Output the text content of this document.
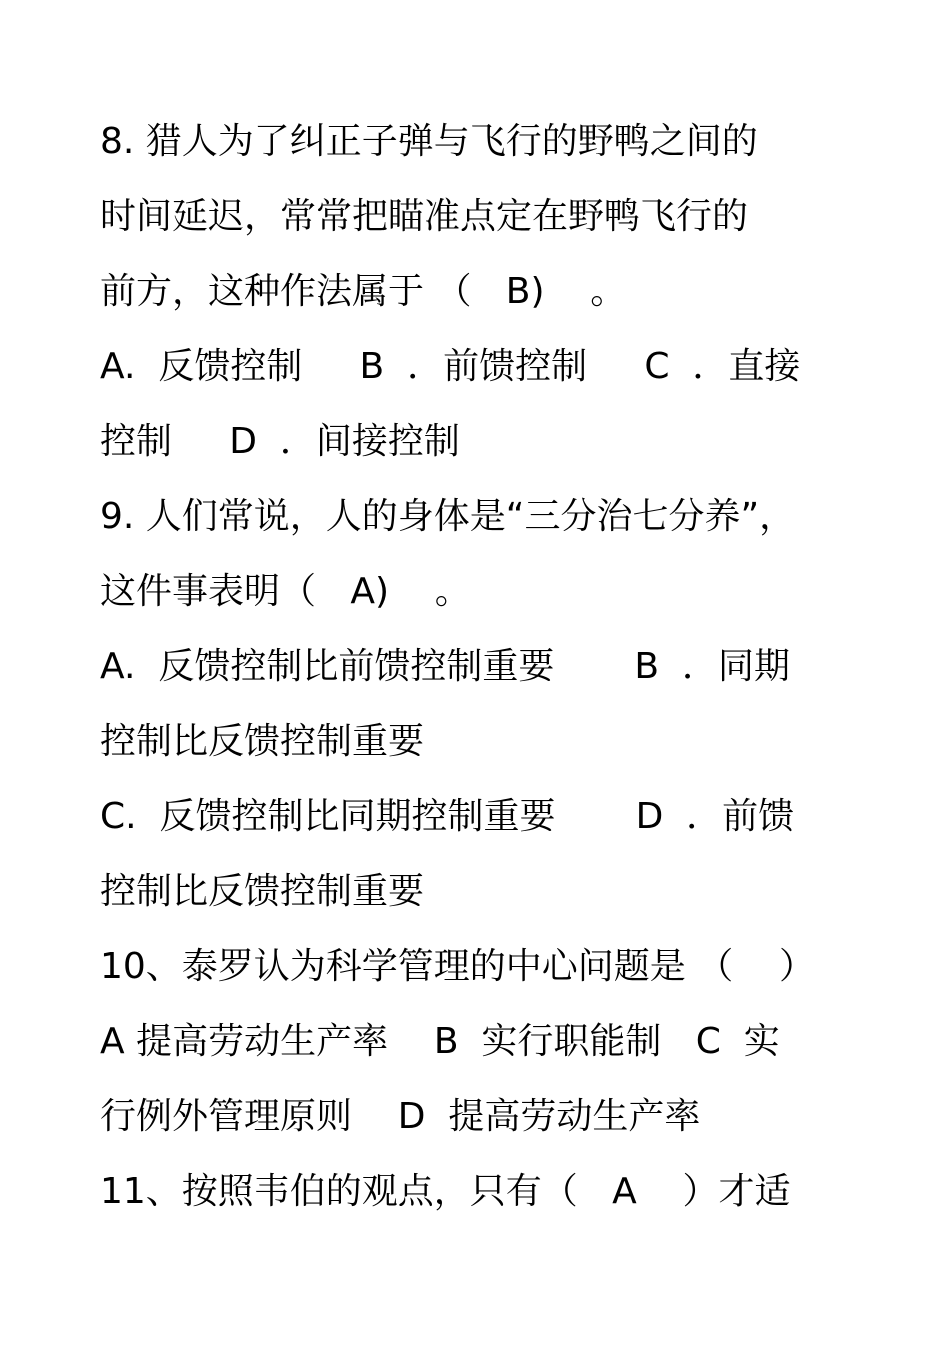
8. 猎人为了纠正子弹与飞行的野鸭之间的
时间延迟，常常把瞄准点定在野鸭飞行的
前方，这种作法属于 （   B)    。
A.  反馈控制     B  ．前馈控制     C  ．直接
控制     D  ．间接控制
9. 人们常说，人的身体是“三分治七分养”，
这件事表明（   A)    。
A.  反馈控制比前馈控制重要       B  ．同期
控制比反馈控制重要
C.  反馈控制比同期控制重要       D  ．前馈
控制比反馈控制重要
10、泰罗认为科学管理的中心问题是 （    ）
A 提高劳动生产率    B  实行职能制   C  实
行例外管理原则    D  提高劳动生产率
11、按照韦伯的观点，只有（   A    ）才适
